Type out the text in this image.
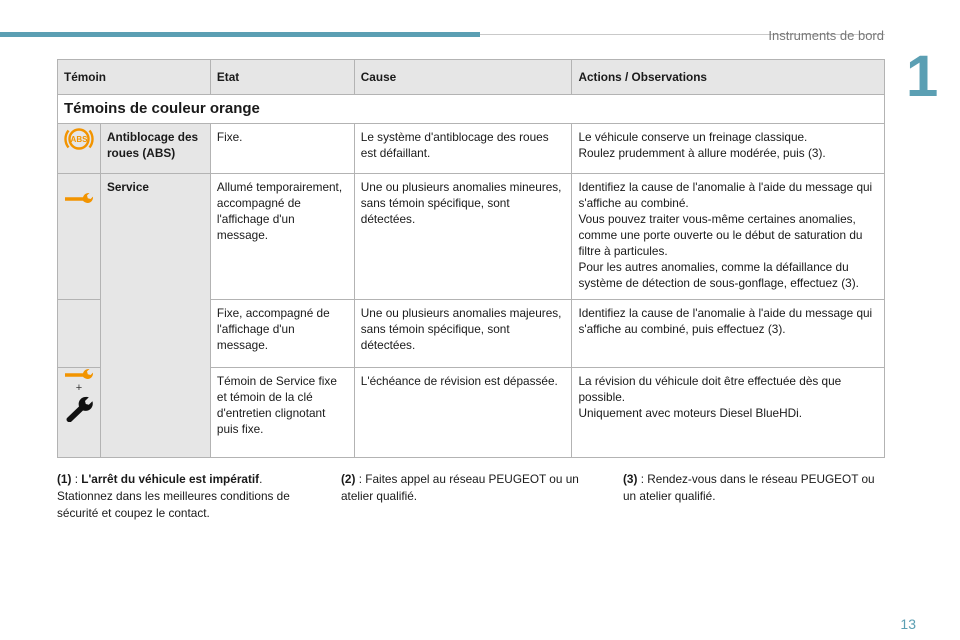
Instruments de bord
1
Témoin		Etat	Cause	Actions / Observations
Témoins de couleur orange				

ABS	Antiblocage des roues (ABS)	Fixe.	Le système d'antiblocage des roues est défaillant.	Le véhicule conserve un freinage classique.
Roulez prudemment à allure modérée, puis (3).

	Service	Allumé temporairement, accompagné de l'affichage d'un message.	Une ou plusieurs anomalies mineures, sans témoin spécifique, sont détectées.	Identifiez la cause de l'anomalie à l'aide du message qui s'affiche au combiné.
Vous pouvez traiter vous-même certaines anomalies, comme une porte ouverte ou le début de saturation du filtre à particules.
Pour les autres anomalies, comme la défaillance du système de détection de sous-gonflage, effectuez (3).

		Fixe, accompagné de l'affichage d'un message.	Une ou plusieurs anomalies majeures, sans témoin spécifique, sont détectées.	Identifiez la cause de l'anomalie à l'aide du message qui s'affiche au combiné, puis effectuez (3).

+		Témoin de Service fixe et témoin de la clé d'entretien clignotant puis fixe.	L'échéance de révision est dépassée.	La révision du véhicule doit être effectuée dès que possible.
Uniquement avec moteurs Diesel BlueHDi.
(1) : L'arrêt du véhicule est impératif. Stationnez dans les meilleures conditions de sécurité et coupez le contact.
(2) : Faites appel au réseau PEUGEOT ou un atelier qualifié.
(3) : Rendez-vous dans le réseau PEUGEOT ou un atelier qualifié.
13
